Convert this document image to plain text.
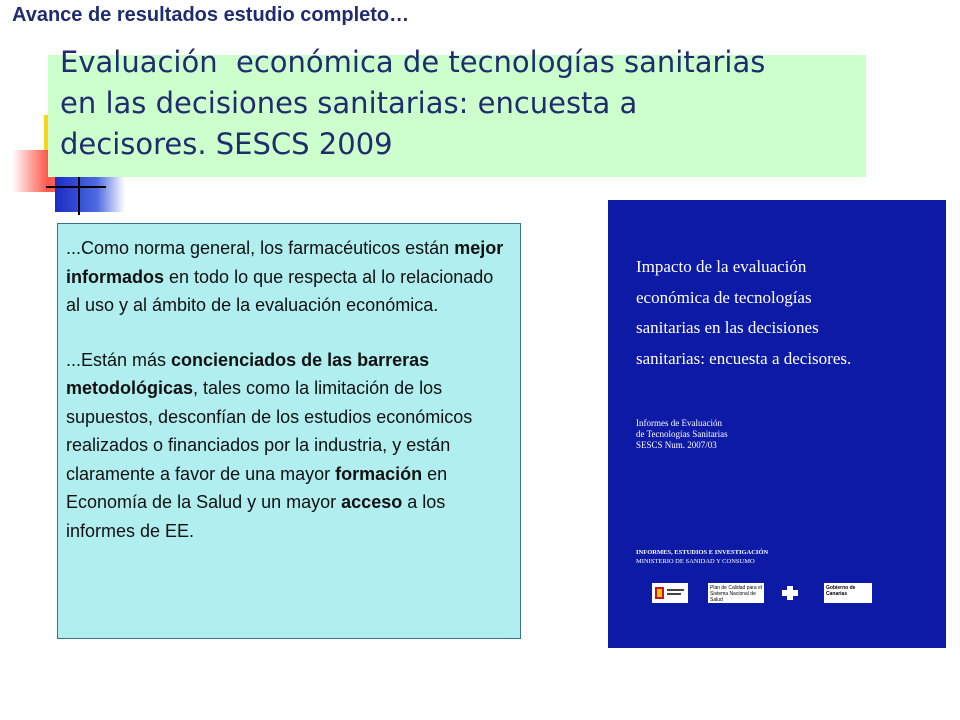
Avance de resultados estudio completo…
Evaluación  económica de tecnologías sanitarias
en las decisiones sanitarias: encuesta a
decisores. SESCS 2009

...Como norma general, los farmacéuticos están mejor informados en todo lo que respecta al lo relacionado al uso y al ámbito de la evaluación económica.

...Están más concienciados de las barreras metodológicas, tales como la limitación de los supuestos, desconfían de los estudios económicos realizados o financiados por la industria, y están claramente a favor de una mayor formación en Economía de la Salud y un mayor acceso a los informes de EE.

Impacto de la evaluación
económica de tecnologías
sanitarias en las decisiones
sanitarias: encuesta a decisores.
Informes de Evaluación
de Tecnologías Sanitarias
SESCS Num. 2007/03
INFORMES, ESTUDIOS E INVESTIGACIÓN
MINISTERIO DE SANIDAD Y CONSUMO
Plan de Calidad para el Sistema Nacional de Salud
Gobierno de Canarias
